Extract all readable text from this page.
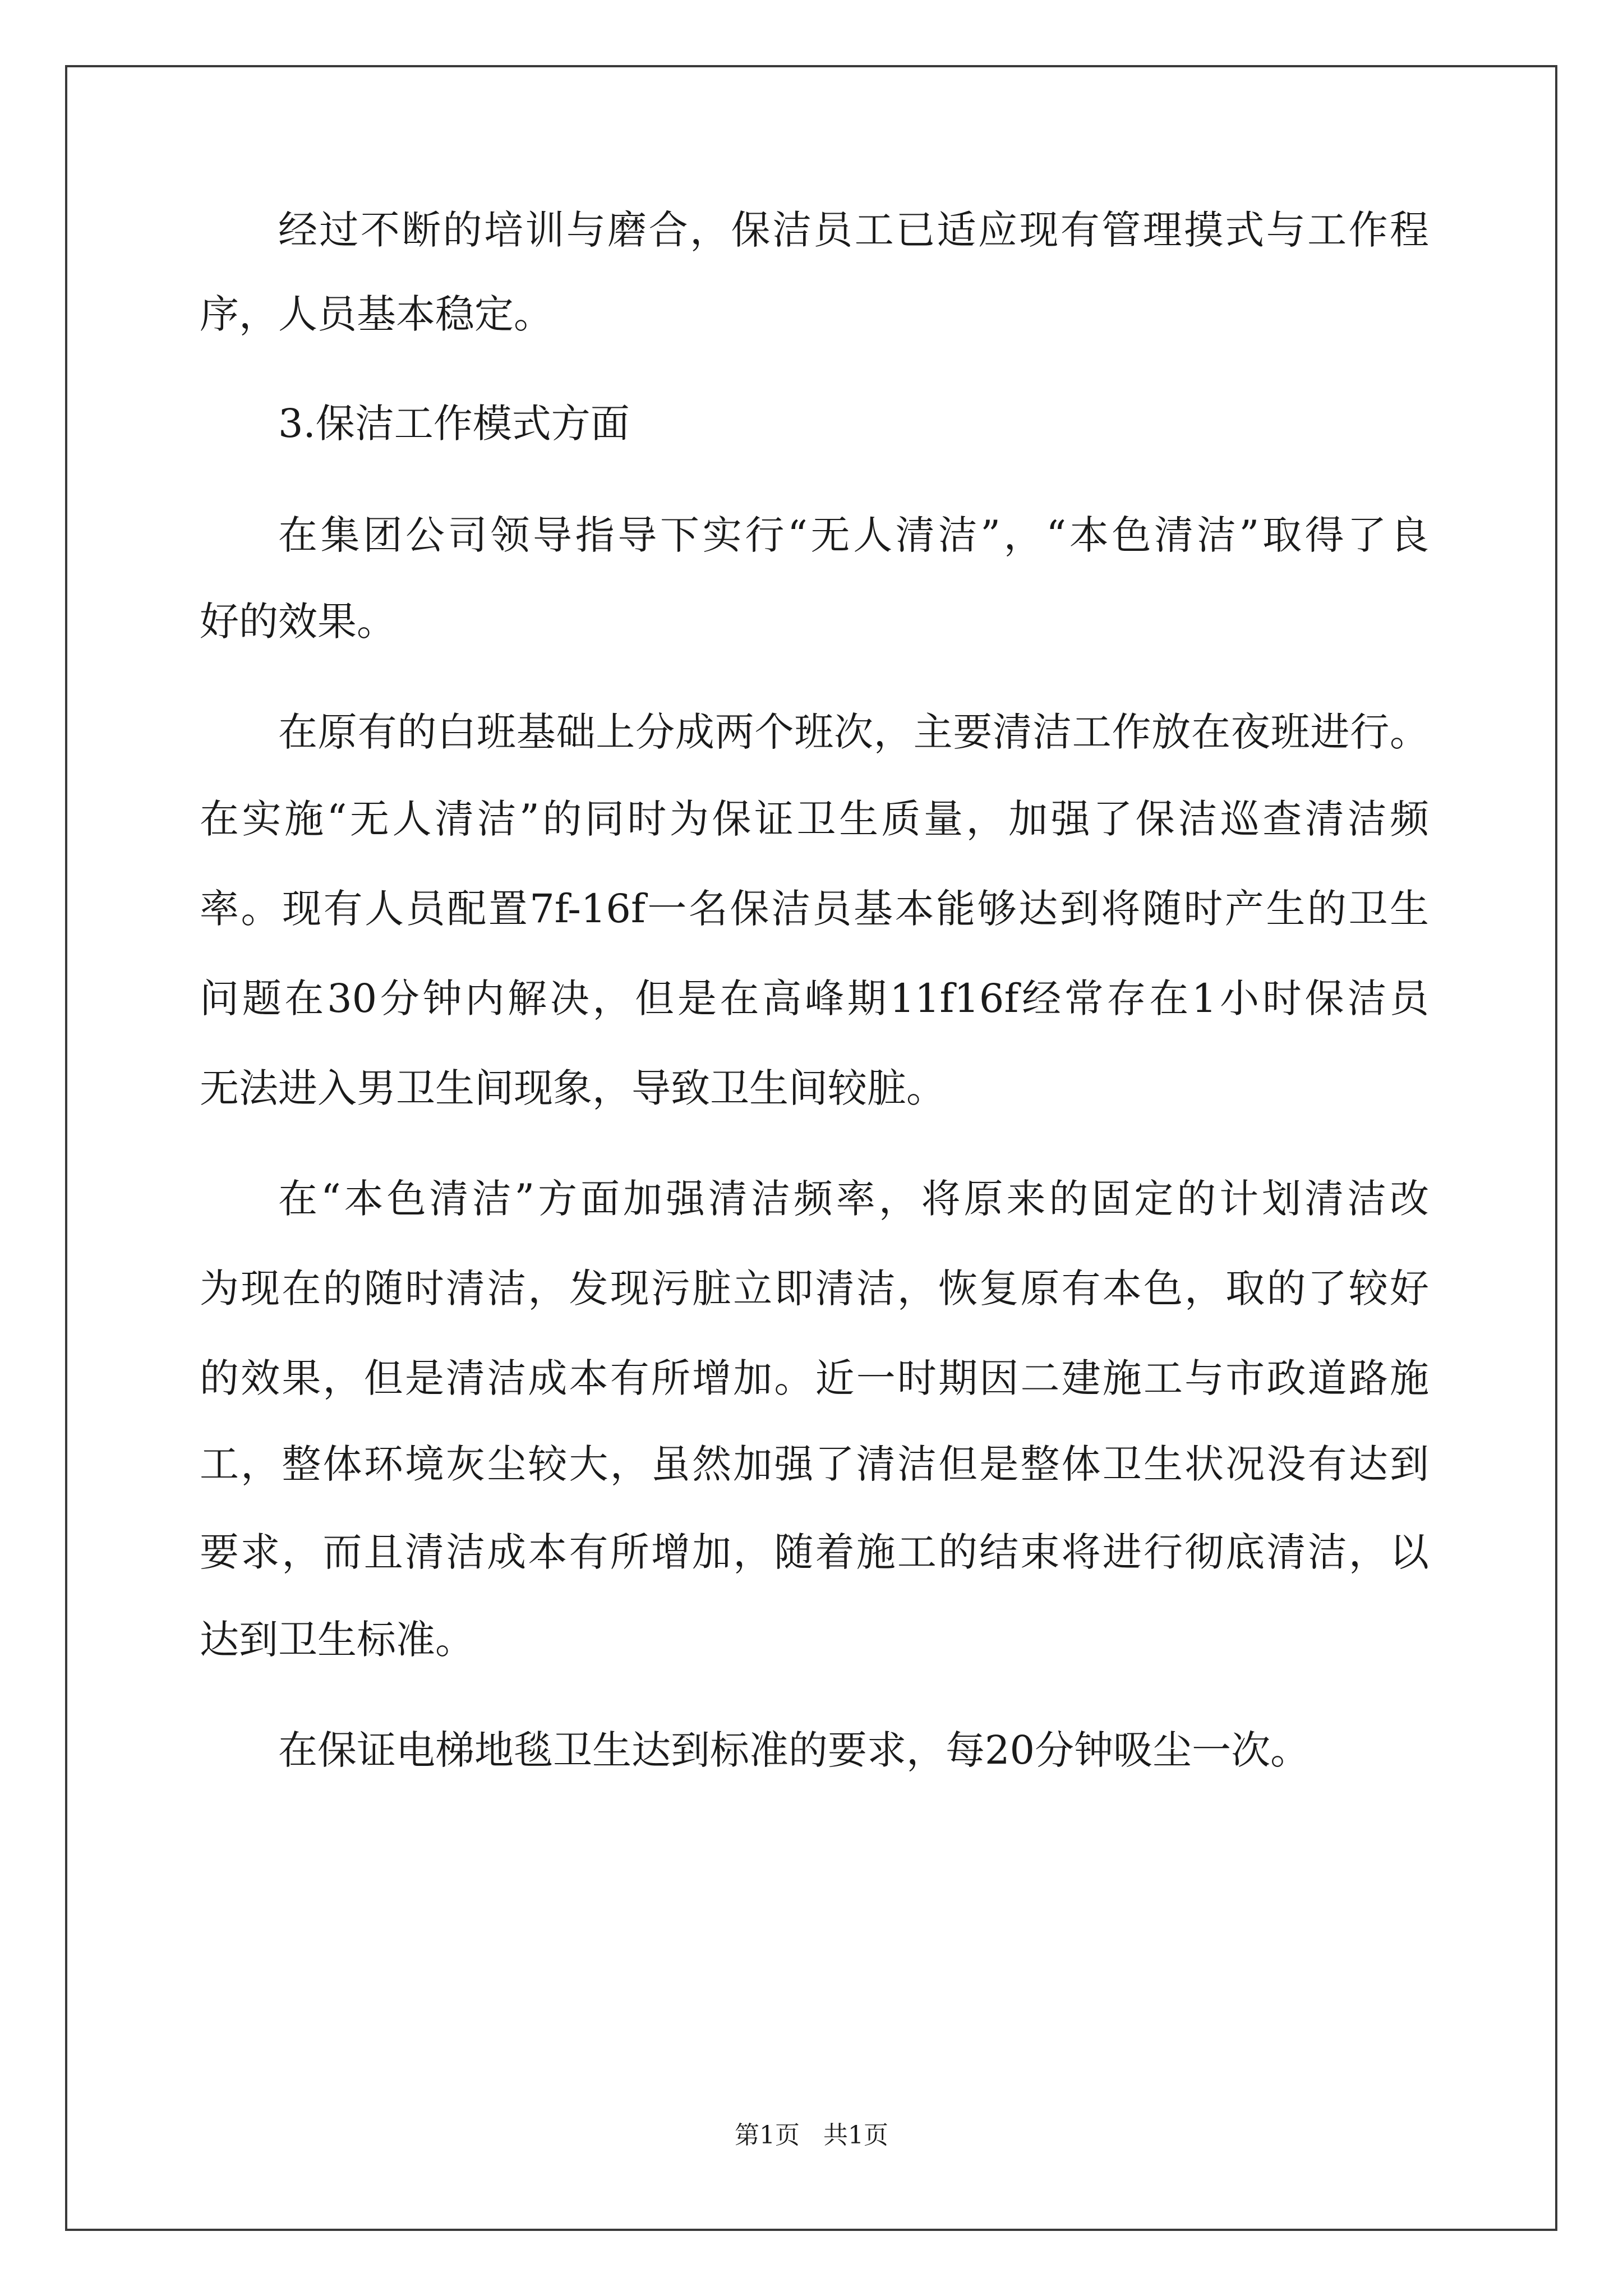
经过不断的培训与磨合，保洁员工已适应现有管理摸式与工作程
序，人员基本稳定。
3.保洁工作模式方面
在集团公司领导指导下实行“无人清洁”，“本色清洁”取得了良
好的效果。
在原有的白班基础上分成两个班次，主要清洁工作放在夜班进行。
在实施“无人清洁”的同时为保证卫生质量，加强了保洁巡查清洁频
率。现有人员配置7f-16f一名保洁员基本能够达到将随时产生的卫生
问题在30分钟内解决，但是在高峰期11f16f经常存在1小时保洁员
无法进入男卫生间现象，导致卫生间较脏。
在“本色清洁”方面加强清洁频率，将原来的固定的计划清洁改
为现在的随时清洁，发现污脏立即清洁，恢复原有本色，取的了较好
的效果，但是清洁成本有所增加。近一时期因二建施工与市政道路施
工，整体环境灰尘较大，虽然加强了清洁但是整体卫生状况没有达到
要求，而且清洁成本有所增加，随着施工的结束将进行彻底清洁，以
达到卫生标准。
在保证电梯地毯卫生达到标准的要求，每20分钟吸尘一次。
第1页   共1页
